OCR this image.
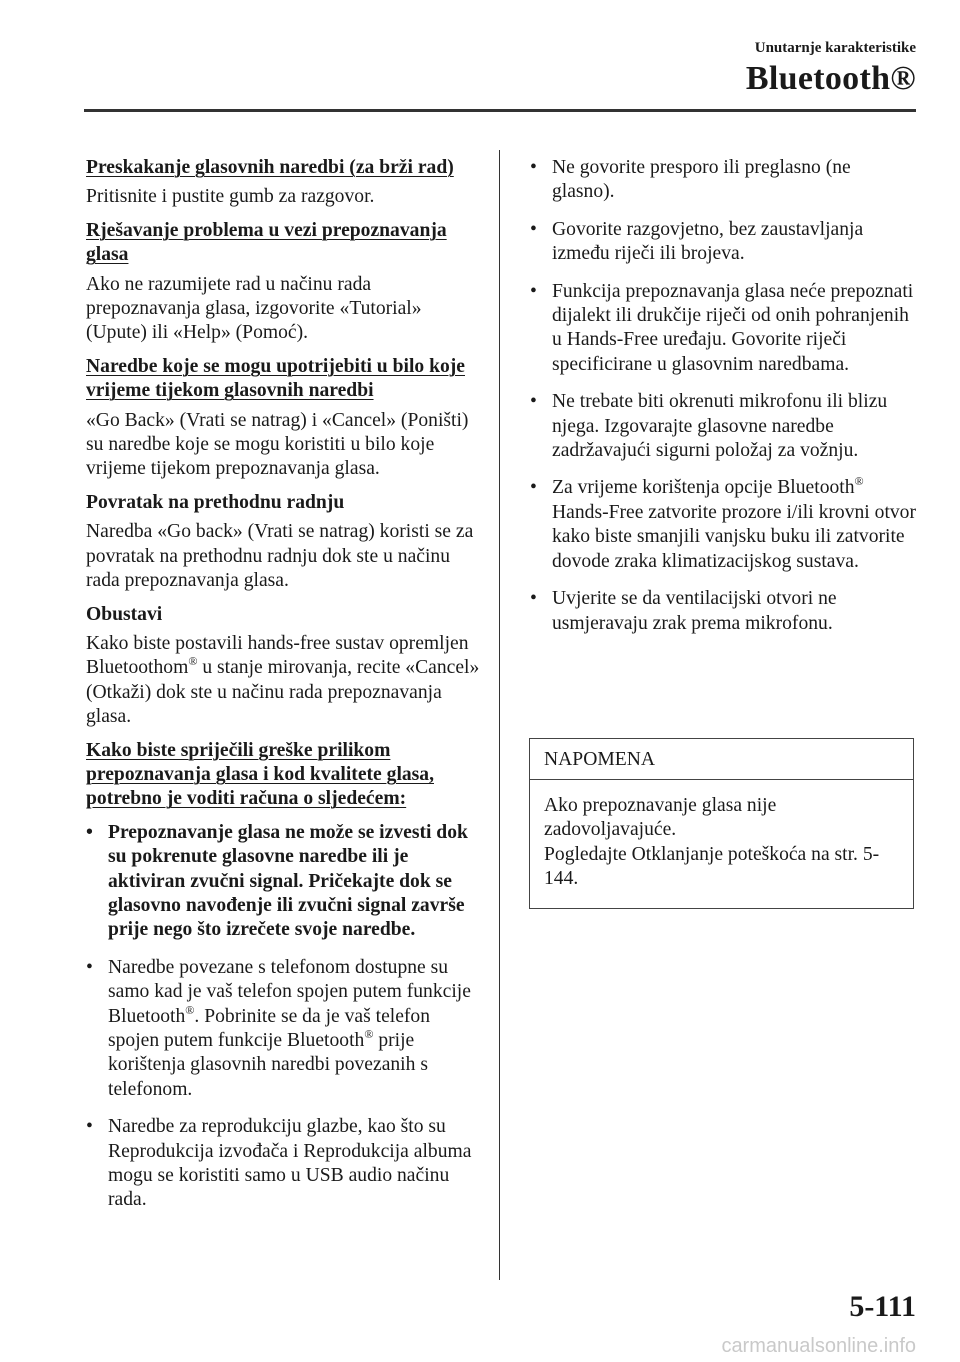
Unutarnje karakteristike
Bluetooth®

Preskakanje glasovnih naredbi (za brži rad)

Pritisnite i pustite gumb za razgovor.

Rješavanje problema u vezi prepoznavanja glasa

Ako ne razumijete rad u načinu rada prepoznavanja glasa, izgovorite «Tutorial» (Upute) ili «Help» (Pomoć).

Naredbe koje se mogu upotrijebiti u bilo koje vrijeme tijekom glasovnih naredbi

«Go Back» (Vrati se natrag) i «Cancel» (Poništi) su naredbe koje se mogu koristiti u bilo koje vrijeme tijekom prepoznavanja glasa.

Povratak na prethodnu radnju

Naredba «Go back» (Vrati se natrag) koristi se za povratak na prethodnu radnju dok ste u načinu rada prepoznavanja glasa.

Obustavi

Kako biste postavili hands-free sustav opremljen Bluetoothom® u stanje mirovanja, recite «Cancel» (Otkaži) dok ste u načinu rada prepoznavanja glasa.

Kako biste spriječili greške prilikom prepoznavanja glasa i kod kvalitete glasa, potrebno je voditi računa o sljedećem:

• Prepoznavanje glasa ne može se izvesti dok su pokrenute glasovne naredbe ili je aktiviran zvučni signal. Pričekajte dok se glasovno navođenje ili zvučni signal završe prije nego što izrečete svoje naredbe.
• Naredbe povezane s telefonom dostupne su samo kad je vaš telefon spojen putem funkcije Bluetooth®. Pobrinite se da je vaš telefon spojen putem funkcije Bluetooth® prije korištenja glasovnih naredbi povezanih s telefonom.
• Naredbe za reprodukciju glazbe, kao što su Reprodukcija izvođača i Reprodukcija albuma mogu se koristiti samo u USB audio načinu rada.
• Ne govorite presporo ili preglasno (ne glasno).
• Govorite razgovjetno, bez zaustavljanja između riječi ili brojeva.
• Funkcija prepoznavanja glasa neće prepoznati dijalekt ili drukčije riječi od onih pohranjenih u Hands-Free uređaju. Govorite riječi specificirane u glasovnim naredbama.
• Ne trebate biti okrenuti mikrofonu ili blizu njega. Izgovarajte glasovne naredbe zadržavajući sigurni položaj za vožnju.
• Za vrijeme korištenja opcije Bluetooth® Hands-Free zatvorite prozore i/ili krovni otvor kako biste smanjili vanjsku buku ili zatvorite dovode zraka klimatizacijskog sustava.
• Uvjerite se da ventilacijski otvori ne usmjeravaju zrak prema mikrofonu.
NAPOMENA

Ako prepoznavanje glasa nije zadovoljavajuće.

Pogledajte Otklanjanje poteškoća na str. 5-144.

5-111
carmanualsonline.info
